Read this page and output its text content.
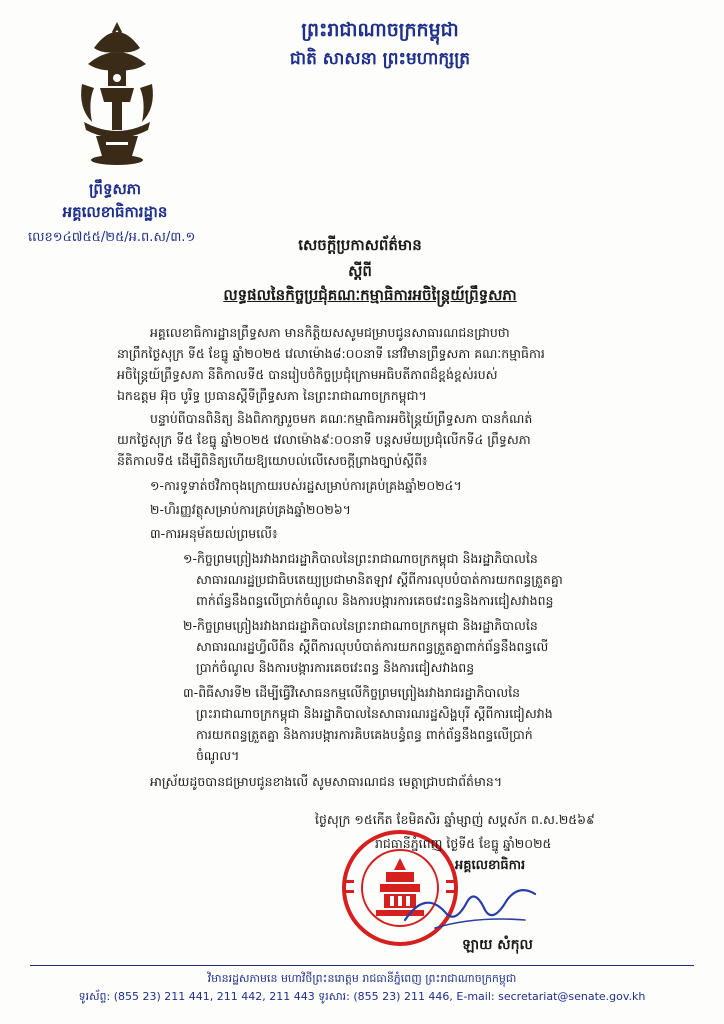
ព្រះរាជាណាចក្រកម្ពុជា
ជាតិ សាសនា ព្រះមហាក្សត្រ
ព្រឹទ្ធសភា
អគ្គលេខាធិការដ្ឋាន
លេខ១៤៧៥៥/២៥/អ.ព.ស/៣.១	សេចក្តីប្រកាសព័ត៌មាន
ស្តីពី
លទ្ធផលនៃកិច្ចប្រជុំគណៈកម្មាធិការអចិន្ត្រៃយ៍ព្រឹទ្ធសភា
អគ្គលេខាធិការដ្ឋានព្រឹទ្ធសភា មានកិត្តិយសសូមជម្រាបជូនសាធារណជនជ្រាបថា
នាព្រឹកថ្ងៃសុក្រ ទី៥ ខែធ្នូ ឆ្នាំ២០២៥ វេលាម៉ោង៨:០០នាទី នៅវិមានព្រឹទ្ធសភា គណៈកម្មាធិការ
អចិន្ត្រៃយ៍ព្រឹទ្ធសភា នីតិកាលទី៥ បានរៀបចំកិច្ចប្រជុំក្រោមអធិបតីភាពដ៏ខ្ពង់ខ្ពស់របស់
ឯកឧត្តម អ៊ុច បូរិទ្ធ ប្រធានស្តីទីព្រឹទ្ធសភា នៃព្រះរាជាណាចក្រកម្ពុជា។
បន្ទាប់ពីបានពិនិត្យ និងពិភាក្សារួចមក គណៈកម្មាធិការអចិន្ត្រៃយ៍ព្រឹទ្ធសភា បានកំណត់
យកថ្ងៃសុក្រ ទី៥ ខែធ្នូ ឆ្នាំ២០២៥ វេលាម៉ោង៩:០០នាទី បន្តសម័យប្រជុំលើកទី៤ ព្រឹទ្ធសភា
នីតិកាលទី៥ ដើម្បីពិនិត្យហើយឱ្យយោបល់លើសេចក្តីព្រាងច្បាប់ស្តីពី៖
១-ការទូទាត់ថវិកាចុងក្រោយរបស់រដ្ឋសម្រាប់ការគ្រប់គ្រងឆ្នាំ២០២៤។
២-ហិរញ្ញវត្ថុសម្រាប់ការគ្រប់គ្រងឆ្នាំ២០២៦។
៣-ការអនុម័តយល់ព្រមលើ៖
១-កិច្ចព្រមព្រៀងរវាងរាជរដ្ឋាភិបាលនៃព្រះរាជាណាចក្រកម្ពុជា និងរដ្ឋាភិបាលនៃ
សាធារណរដ្ឋប្រជាធិបតេយ្យប្រជាមានិតឡាវ ស្តីពីការលុបបំបាត់ការយកពន្ធត្រួតគ្នា
ពាក់ព័ន្ធនឹងពន្ធលើប្រាក់ចំណូល និងការបង្ការការគេចវេះពន្ធនិងការជៀសវាងពន្ធ
២-កិច្ចព្រមព្រៀងរវាងរាជរដ្ឋាភិបាលនៃព្រះរាជាណាចក្រកម្ពុជា និងរដ្ឋាភិបាលនៃ
សាធារណរដ្ឋហ្វីលីពីន ស្តីពីការលុបបំបាត់ការយកពន្ធត្រួតគ្នាពាក់ព័ន្ធនឹងពន្ធលើ
ប្រាក់ចំណូល និងការបង្ការការគេចវេះពន្ធ និងការជៀសវាងពន្ធ
៣-ពិធីសារទី២ ដើម្បីធ្វើវិសោធនកម្មលើកិច្ចព្រមព្រៀងរវាងរាជរដ្ឋាភិបាលនៃ
ព្រះរាជាណាចក្រកម្ពុជា និងរដ្ឋាភិបាលនៃសាធារណរដ្ឋសិង្ហបុរី ស្តីពីការជៀសវាង
ការយកពន្ធត្រួតគ្នា និងការបង្ការការគិបគេងបន្ធំពន្ធ ពាក់ព័ន្ធនឹងពន្ធលើប្រាក់
ចំណូល។
អាស្រ័យដូចបានជម្រាបជូនខាងលើ សូមសាធារណជន មេត្តាជ្រាបជាព័ត៌មាន។
ថ្ងៃសុក្រ ១៥កើត ខែមិគសិរ ឆ្នាំម្សាញ់ សប្តស័ក ព.ស.២៥៦៩
រាជធានីភ្នំពេញ ថ្ងៃទី៥ ខែធ្នូ ឆ្នាំ២០២៥
អគ្គលេខាធិការ
ឡាយ សំកុល
វិមានរដ្ឋសភាមនេ មហាវិថីព្រះនរោត្តម រាជធានីភ្នំពេញ ព្រះរាជាណាចក្រកម្ពុជា
ទូរស័ព្ទ: (855 23) 211 441, 211 442, 211 443 ទូរសារ: (855 23) 211 446, E-mail: secretariat@senate.gov.kh
